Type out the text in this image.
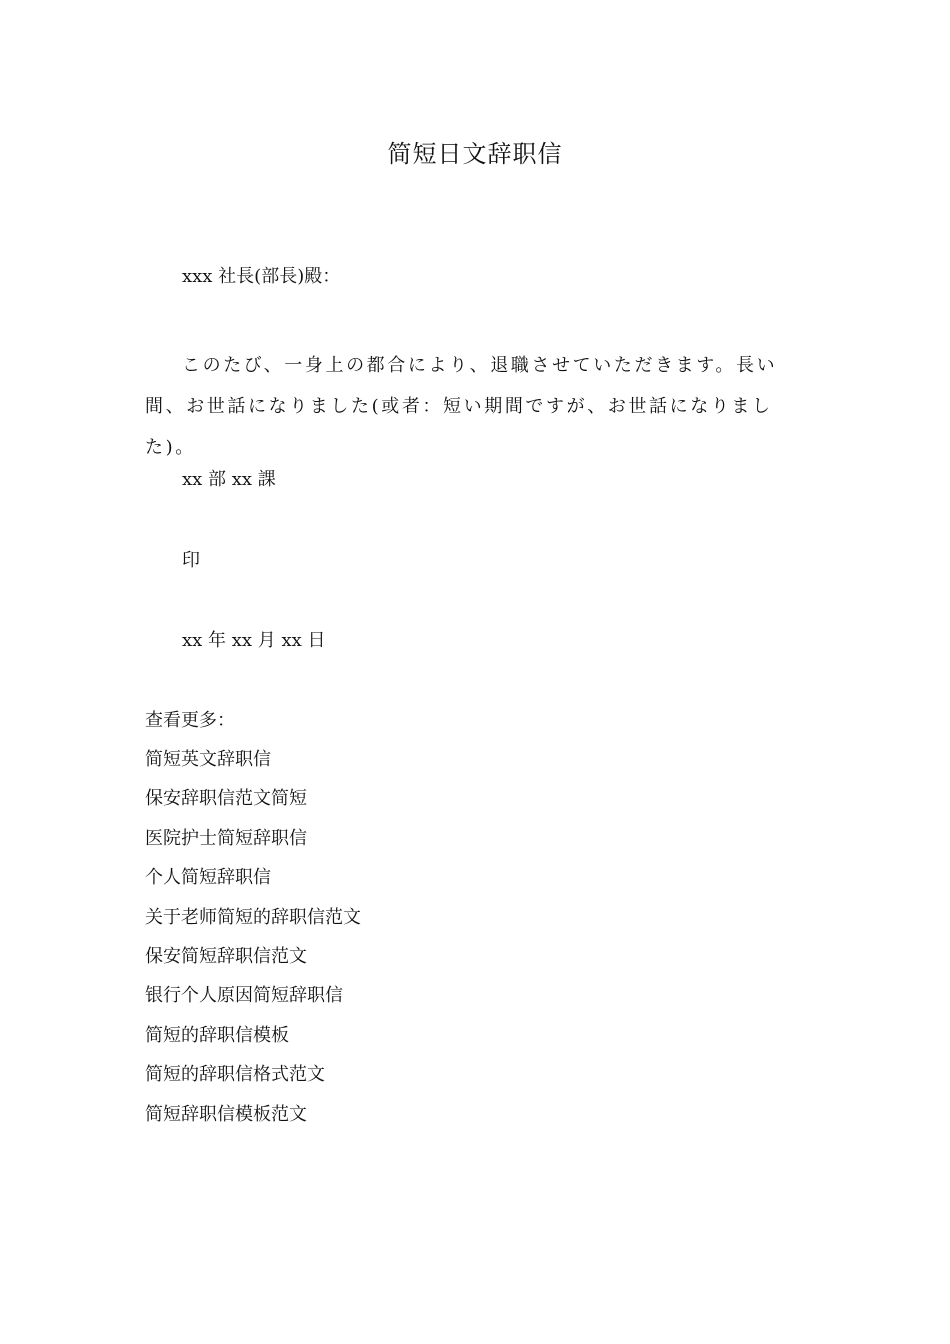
简短日文辞职信
xxx 社長(部長)殿：
このたび、一身上の都合により、退職させていただきます。長い間、お世話になりました(或者：短い期間ですが、お世話になりました)。
xx 部 xx 課
印
xx 年 xx 月 xx 日
查看更多：
简短英文辞职信
保安辞职信范文简短
医院护士简短辞职信
个人简短辞职信
关于老师简短的辞职信范文
保安简短辞职信范文
银行个人原因简短辞职信
简短的辞职信模板
简短的辞职信格式范文
简短辞职信模板范文
